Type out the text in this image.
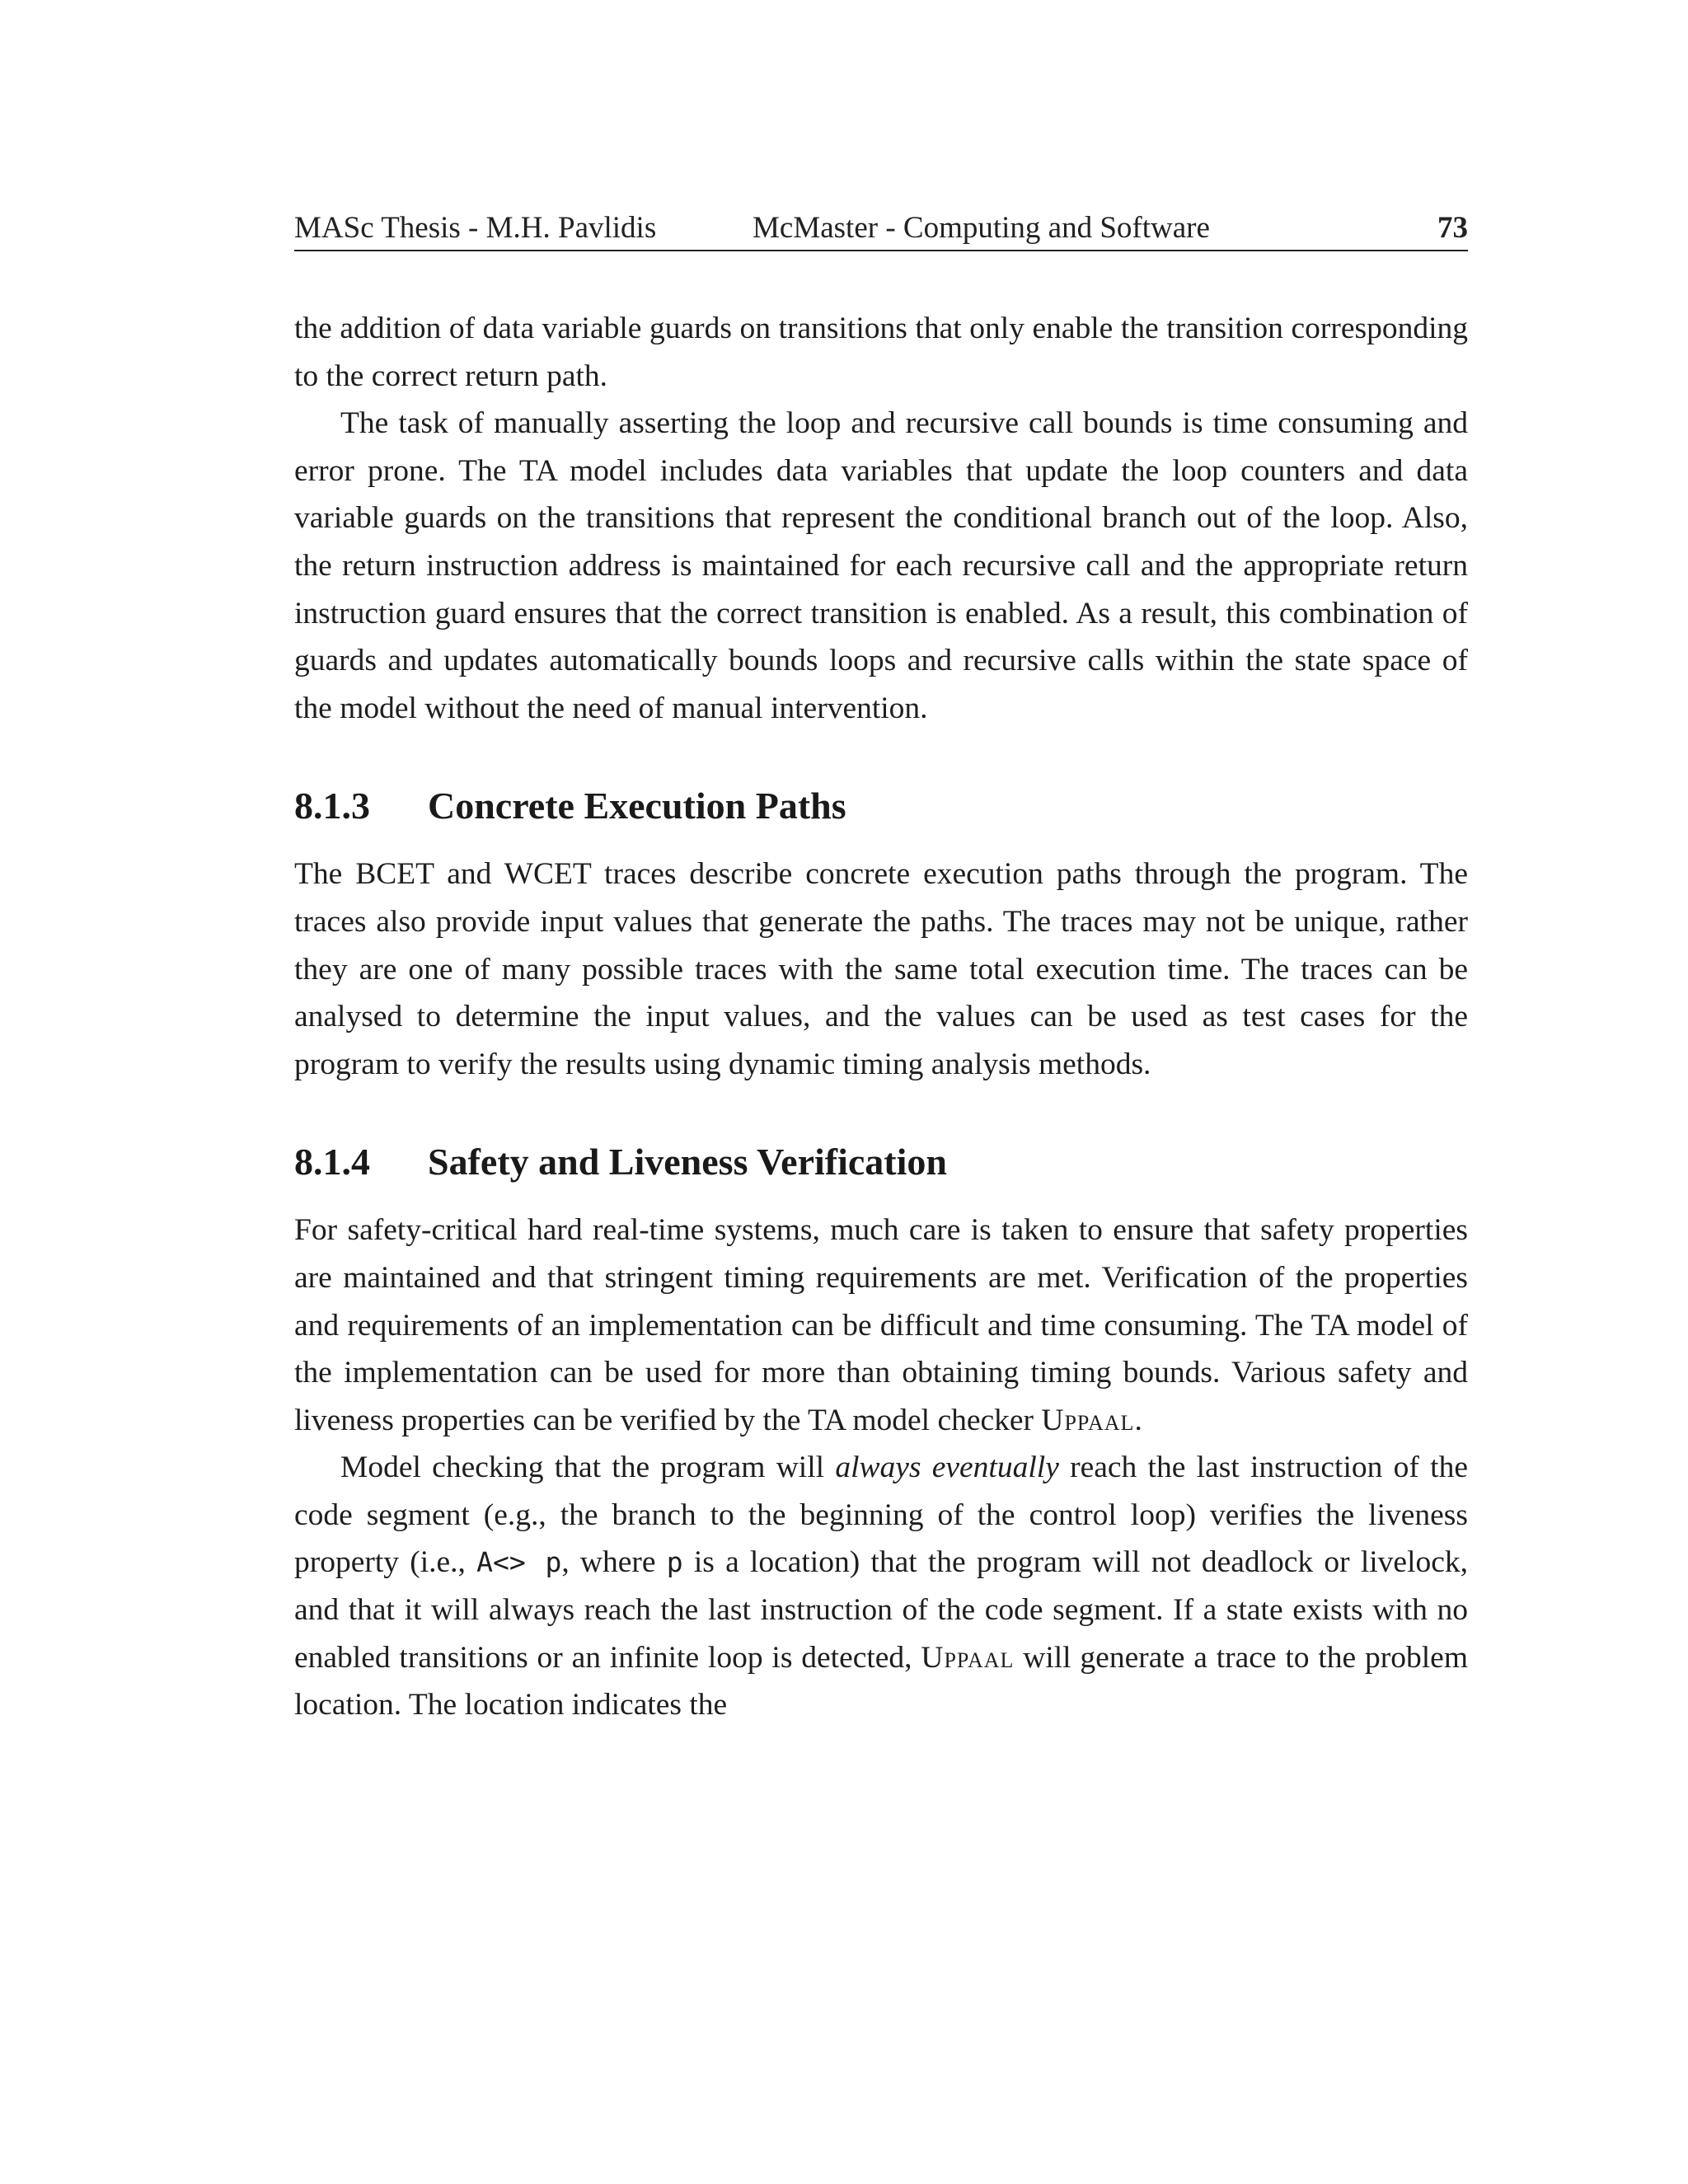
MASc Thesis - M.H. Pavlidis	McMaster - Computing and Software	73

the addition of data variable guards on transitions that only enable the transition corresponding to the correct return path.

The task of manually asserting the loop and recursive call bounds is time consuming and error prone. The TA model includes data variables that update the loop counters and data variable guards on the transitions that represent the conditional branch out of the loop. Also, the return instruction address is maintained for each recursive call and the appropriate return instruction guard ensures that the correct transition is enabled. As a result, this combination of guards and updates automatically bounds loops and recursive calls within the state space of the model without the need of manual intervention.

8.1.3 Concrete Execution Paths

The BCET and WCET traces describe concrete execution paths through the program. The traces also provide input values that generate the paths. The traces may not be unique, rather they are one of many possible traces with the same total execution time. The traces can be analysed to determine the input values, and the values can be used as test cases for the program to verify the results using dynamic timing analysis methods.

8.1.4 Safety and Liveness Verification

For safety-critical hard real-time systems, much care is taken to ensure that safety properties are maintained and that stringent timing requirements are met. Verification of the properties and requirements of an implementation can be difficult and time consuming. The TA model of the implementation can be used for more than obtaining timing bounds. Various safety and liveness properties can be verified by the TA model checker Uppaal.

Model checking that the program will always eventually reach the last instruction of the code segment (e.g., the branch to the beginning of the control loop) verifies the liveness property (i.e., A<> p, where p is a location) that the program will not deadlock or livelock, and that it will always reach the last instruction of the code segment. If a state exists with no enabled transitions or an infinite loop is detected, Uppaal will generate a trace to the problem location. The location indicates the
